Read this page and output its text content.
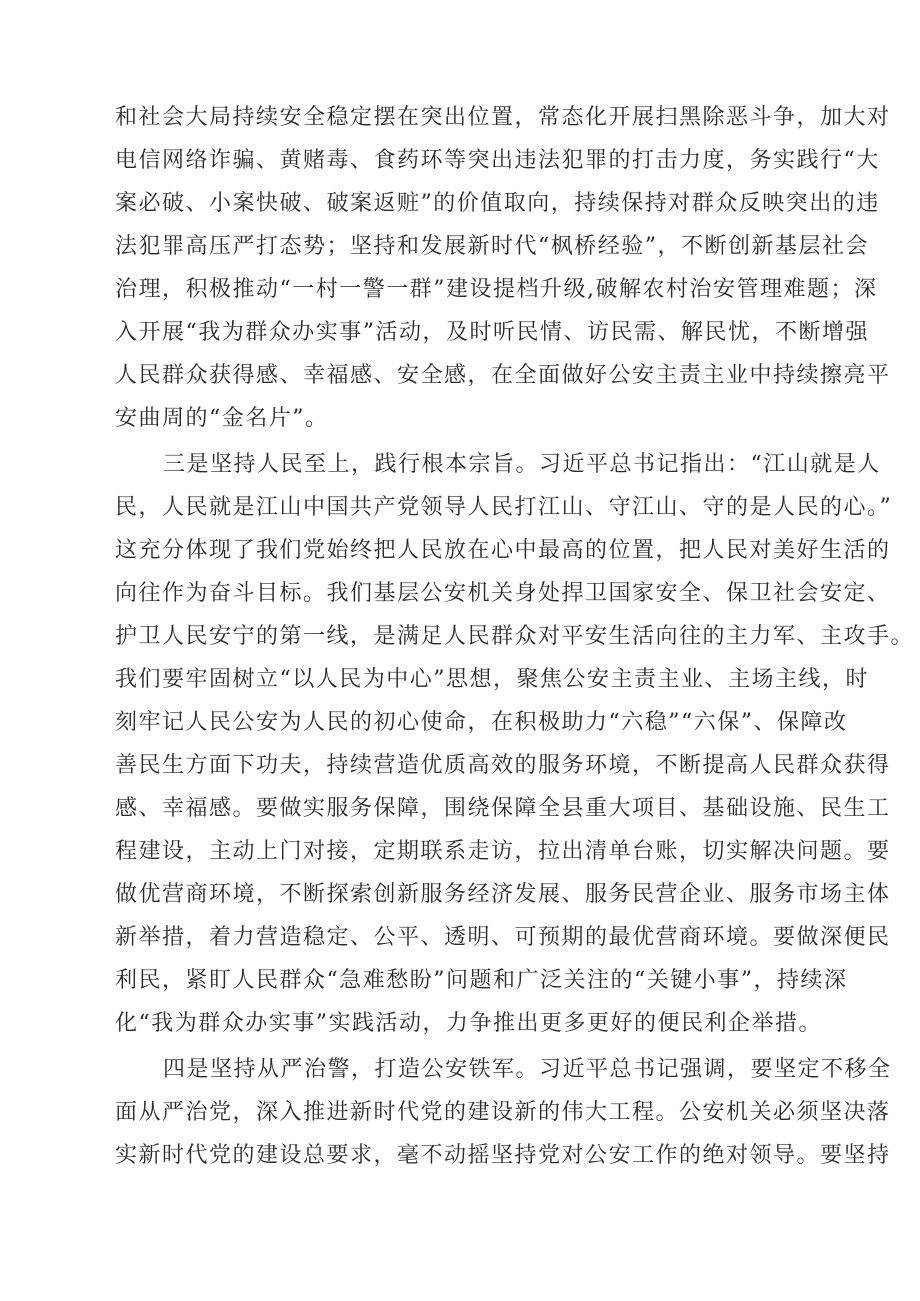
和社会大局持续安全稳定摆在突出位置，常态化开展扫黑除恶斗争，加大对
电信网络诈骗、黄赌毒、食药环等突出违法犯罪的打击力度，务实践行“大
案必破、小案快破、破案返赃”的价值取向，持续保持对群众反映突出的违
法犯罪高压严打态势；坚持和发展新时代“枫桥经验”，不断创新基层社会
治理，积极推动“一村一警一群”建设提档升级,破解农村治安管理难题；深
入开展“我为群众办实事”活动，及时听民情、访民需、解民忧，不断增强
人民群众获得感、幸福感、安全感，在全面做好公安主责主业中持续擦亮平
安曲周的“金名片”。
三是坚持人民至上，践行根本宗旨。习近平总书记指出：“江山就是人
民，人民就是江山中国共产党领导人民打江山、守江山、守的是人民的心。”
这充分体现了我们党始终把人民放在心中最高的位置，把人民对美好生活的
向往作为奋斗目标。我们基层公安机关身处捍卫国家安全、保卫社会安定、
护卫人民安宁的第一线，是满足人民群众对平安生活向往的主力军、主攻手。
我们要牢固树立“以人民为中心”思想，聚焦公安主责主业、主场主线，时
刻牢记人民公安为人民的初心使命，在积极助力“六稳”“六保”、保障改
善民生方面下功夫，持续营造优质高效的服务环境，不断提高人民群众获得
感、幸福感。要做实服务保障，围绕保障全县重大项目、基础设施、民生工
程建设，主动上门对接，定期联系走访，拉出清单台账，切实解决问题。要
做优营商环境，不断探索创新服务经济发展、服务民营企业、服务市场主体
新举措，着力营造稳定、公平、透明、可预期的最优营商环境。要做深便民
利民，紧盯人民群众“急难愁盼”问题和广泛关注的“关键小事”，持续深
化“我为群众办实事”实践活动，力争推出更多更好的便民利企举措。
四是坚持从严治警，打造公安铁军。习近平总书记强调，要坚定不移全
面从严治党，深入推进新时代党的建设新的伟大工程。公安机关必须坚决落
实新时代党的建设总要求，毫不动摇坚持党对公安工作的绝对领导。要坚持
